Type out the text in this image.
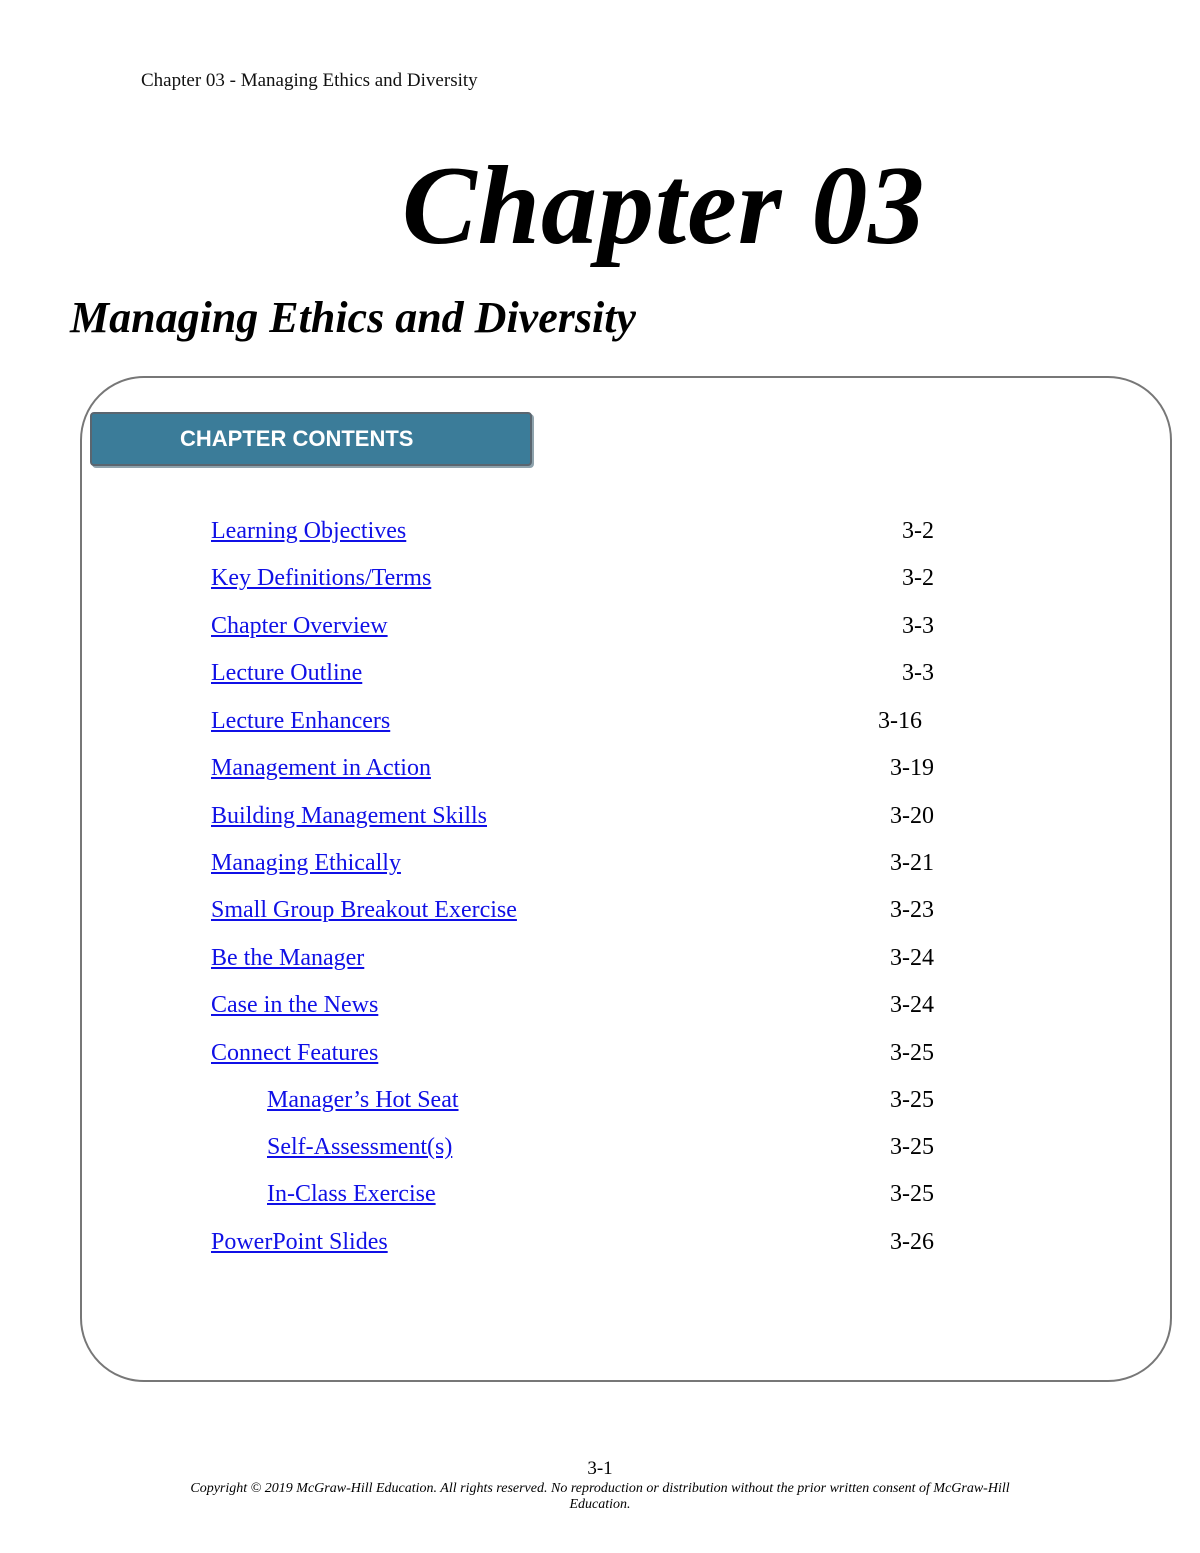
Chapter 03 - Managing Ethics and Diversity
Chapter 03
Managing Ethics and Diversity
CHAPTER CONTENTS
Learning Objectives	3-2
Key Definitions/Terms	3-2
Chapter Overview	3-3
Lecture Outline	3-3
Lecture Enhancers	3-16
Management in Action	3-19
Building Management Skills	3-20
Managing Ethically	3-21
Small Group Breakout Exercise	3-23
Be the Manager	3-24
Case in the News	3-24
Connect Features	3-25
Manager’s Hot Seat	3-25
Self-Assessment(s)	3-25
In-Class Exercise	3-25
PowerPoint Slides	3-26
3-1
Copyright © 2019 McGraw-Hill Education. All rights reserved. No reproduction or distribution without the prior written consent of McGraw-Hill Education.
